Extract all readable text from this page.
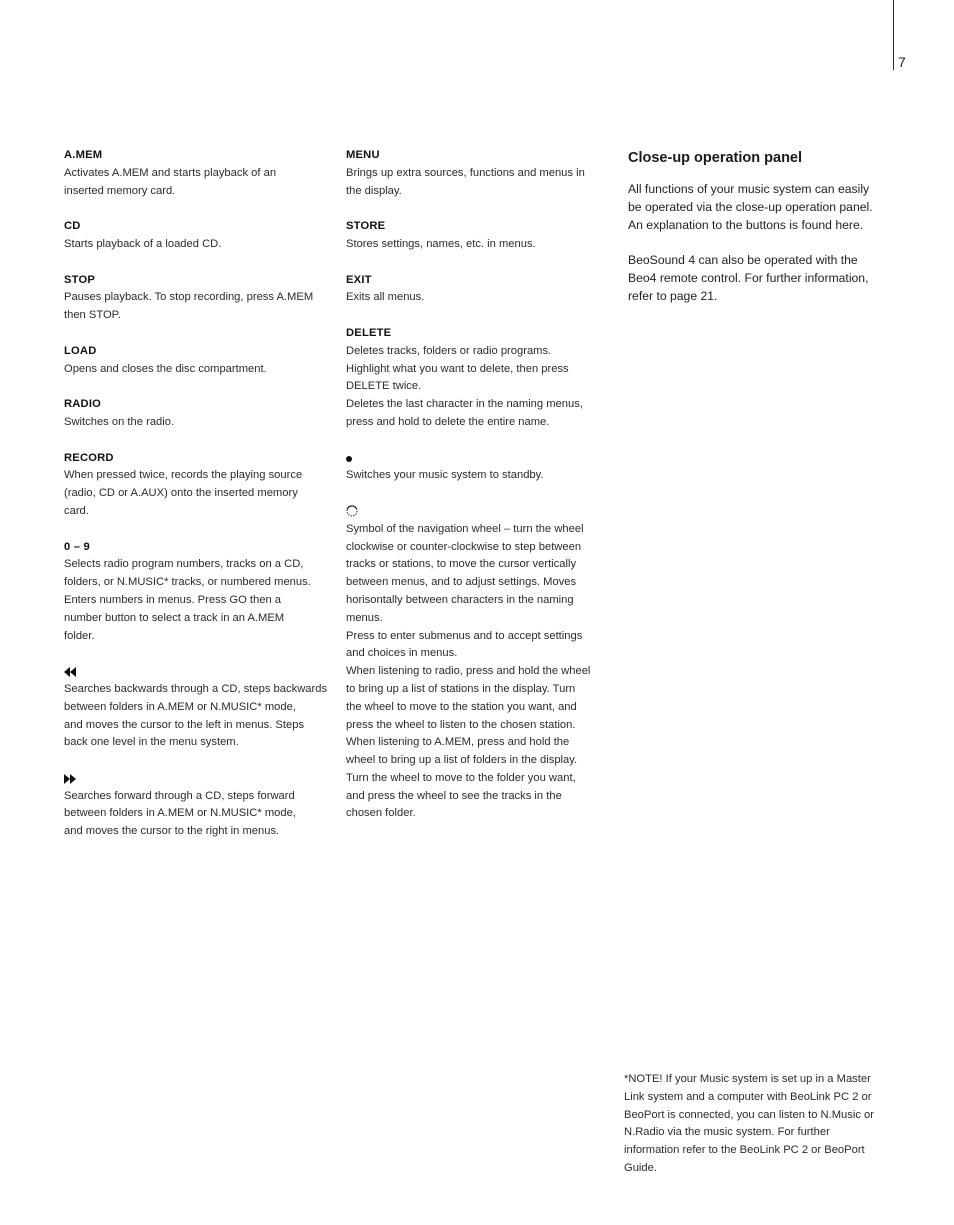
7
A.MEM
Activates A.MEM and starts playback of an
inserted memory card.
CD
Starts playback of a loaded CD.
STOP
Pauses playback. To stop recording, press A.MEM
then STOP.
LOAD
Opens and closes the disc compartment.
RADIO
Switches on the radio.
RECORD
When pressed twice, records the playing source
(radio, CD or A.AUX) onto the inserted memory
card.
0 – 9
Selects radio program numbers, tracks on a CD,
folders, or N.MUSIC* tracks, or numbered menus.
Enters numbers in menus. Press GO then a
number button to select a track in an A.MEM
folder.
Searches backwards through a CD, steps backwards
between folders in A.MEM or N.MUSIC* mode,
and moves the cursor to the left in menus. Steps
back one level in the menu system.
Searches forward through a CD, steps forward
between folders in A.MEM or N.MUSIC* mode,
and moves the cursor to the right in menus.
MENU
Brings up extra sources, functions and menus in
the display.
STORE
Stores settings, names, etc. in menus.
EXIT
Exits all menus.
DELETE
Deletes tracks, folders or radio programs.
Highlight what you want to delete, then press
DELETE twice.
Deletes the last character in the naming menus,
press and hold to delete the entire name.
Switches your music system to standby.
Symbol of the navigation wheel – turn the wheel
clockwise or counter-clockwise to step between
tracks or stations, to move the cursor vertically
between menus, and to adjust settings. Moves
horisontally between characters in the naming
menus.
Press to enter submenus and to accept settings
and choices in menus.
When listening to radio, press and hold the wheel
to bring up a list of stations in the display. Turn
the wheel to move to the station you want, and
press the wheel to listen to the chosen station.
When listening to A.MEM, press and hold the
wheel to bring up a list of folders in the display.
Turn the wheel to move to the folder you want,
and press the wheel to see the tracks in the
chosen folder.
Close-up operation panel

All functions of your music system can easily
be operated via the close-up operation panel.
An explanation to the buttons is found here.

BeoSound 4 can also be operated with the
Beo4 remote control. For further information,
refer to page 21.

*NOTE! If your Music system is set up in a Master
Link system and a computer with BeoLink PC 2 or
BeoPort is connected, you can listen to N.Music or
N.Radio via the music system. For further
information refer to the BeoLink PC 2 or BeoPort
Guide.
